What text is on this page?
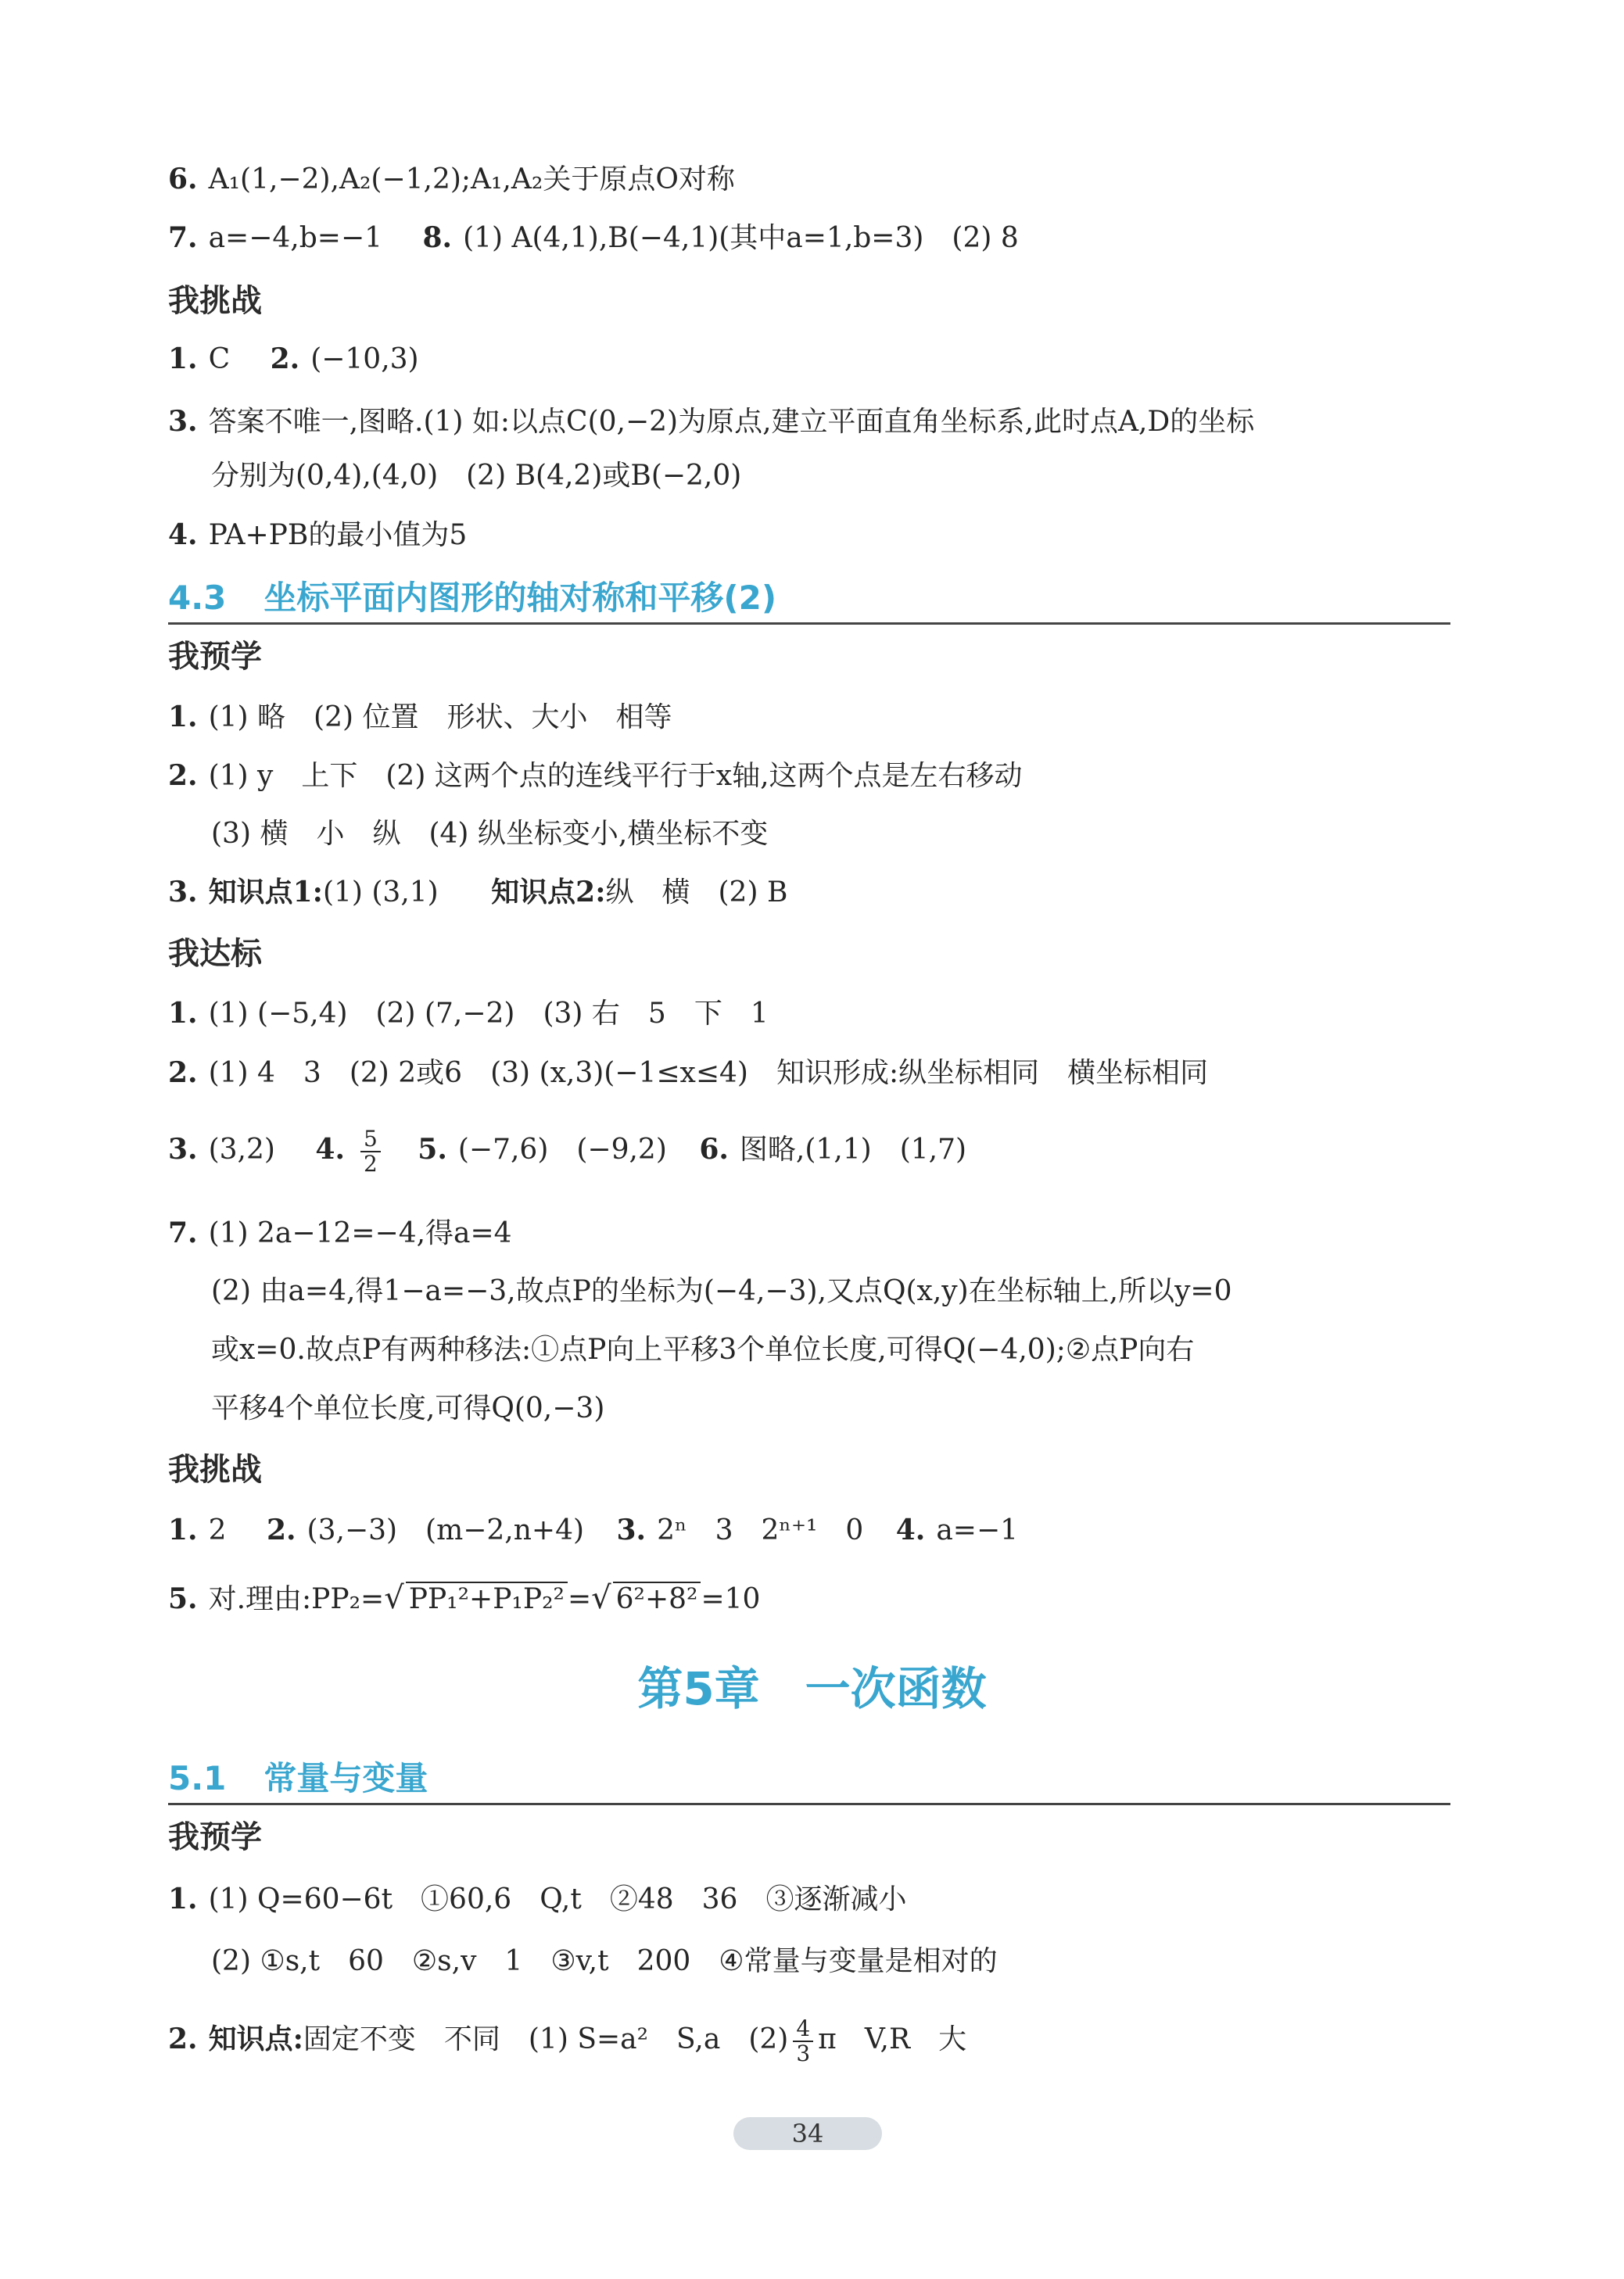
6. A₁(1,−2),A₂(−1,2);A₁,A₂关于原点O对称
7. a=−4,b=−1 8. (1) A(4,1),B(−4,1)(其中a=1,b=3)　(2) 8
我挑战
1. C 2. (−10,3)
3. 答案不唯一,图略.(1) 如:以点C(0,−2)为原点,建立平面直角坐标系,此时点A,D的坐标
分别为(0,4),(4,0)　(2) B(4,2)或B(−2,0)
4. PA+PB的最小值为5
4.3 坐标平面内图形的轴对称和平移(2)
我预学
1. (1) 略　(2) 位置　形状、大小　相等
2. (1) y　上下　(2) 这两个点的连线平行于x轴,这两个点是左右移动
(3) 横　小　纵　(4) 纵坐标变小,横坐标不变
3. 知识点1:(1) (3,1)　 知识点2:纵　横　(2) B
我达标
1. (1) (−5,4)　(2) (7,−2)　(3) 右　5　下　1
2. (1) 4　3　(2) 2或6　(3) (x,3)(−1≤x≤4)　知识形成:纵坐标相同　横坐标相同
3. (3,2) 4. $\frac{5}{2} 5$. (−7,6)　(−9,2) 6. 图略,(1,1)　(1,7)
7. (1) 2a−12=−4,得a=4
(2) 由a=4,得1−a=−3,故点P的坐标为(−4,−3),又点Q(x,y)在坐标轴上,所以y=0
或x=0.故点P有两种移法:①点P向上平移3个单位长度,可得Q(−4,0);②点P向右
平移4个单位长度,可得Q(0,−3)
我挑战
1. 2 2. (3,−3)　(m−2,n+4) 3. 2ⁿ　3　2ⁿ⁺¹　0 4. a=−1
5. 对.理由:PP₂=√ PP₁²+P₁P₂² =√ 6²+8² =10
第5章　一次函数
5.1 常量与变量
我预学
1. (1) Q=60−6t　①60,6　Q,t　②48　36　③逐渐减小
(2) ①s,t　60　②s,v　1　③v,t　200　④常量与变量是相对的
2. 知识点:固定不变　不同　(1) S=a²　S,a　$(2) \frac{4}{3}$ π　V,R　大
34
